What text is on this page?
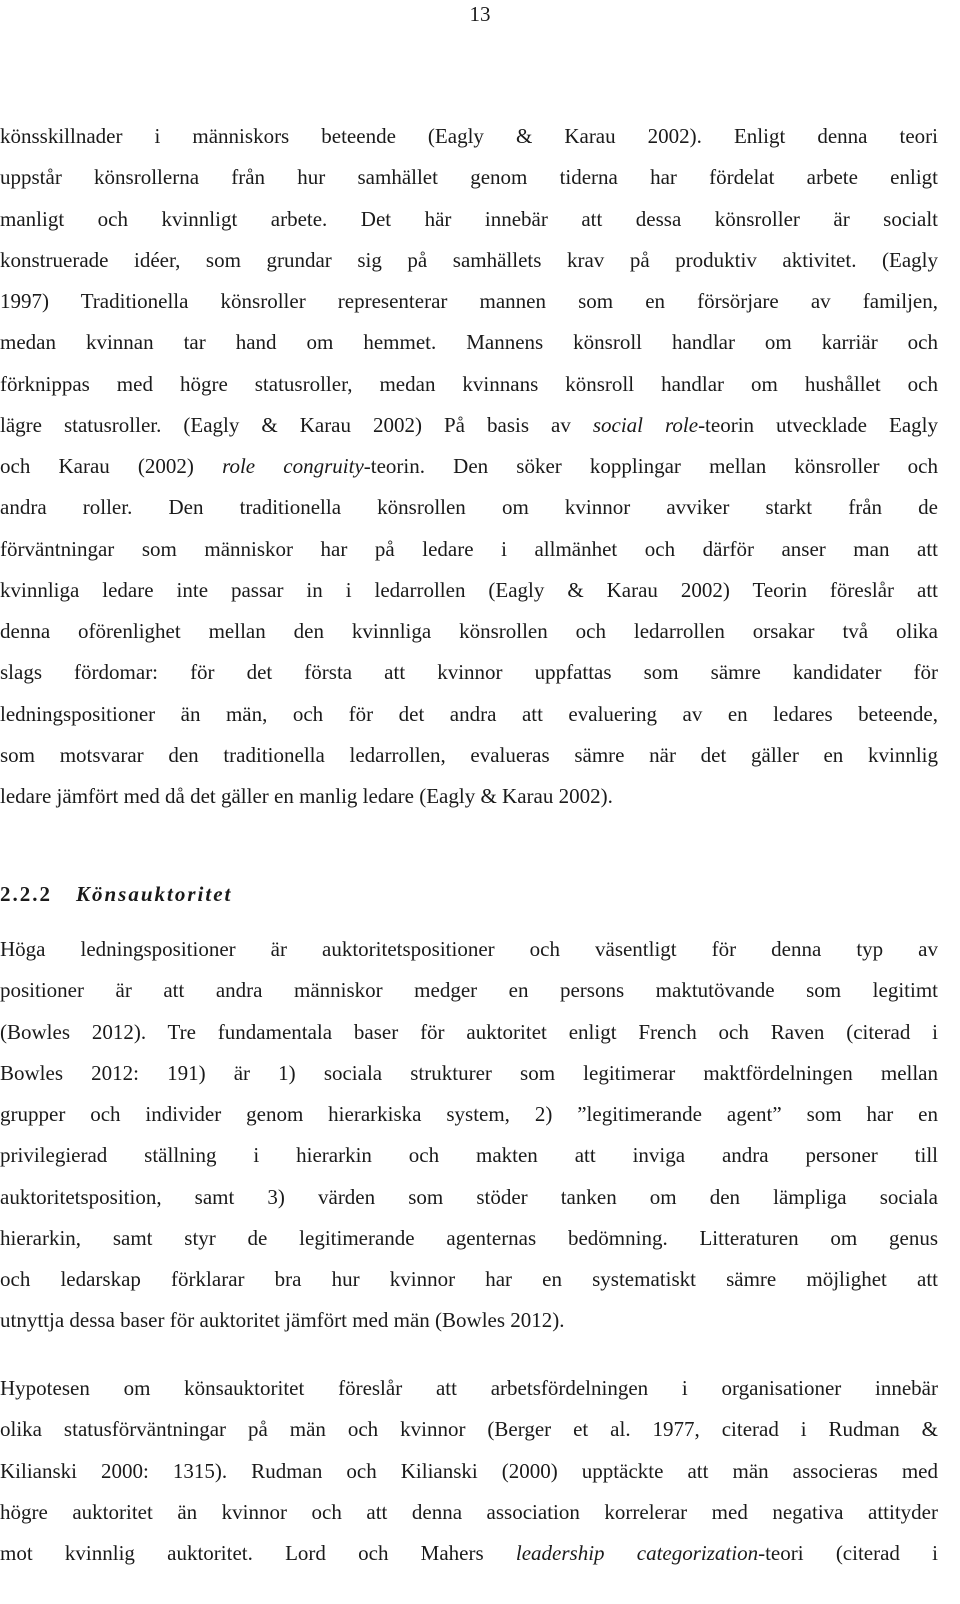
13
könsskillnader i människors beteende (Eagly & Karau 2002). Enligt denna teori
uppstår könsrollerna från hur samhället genom tiderna har fördelat arbete enligt
manligt och kvinnligt arbete. Det här innebär att dessa könsroller är socialt
konstruerade idéer, som grundar sig på samhällets krav på produktiv aktivitet. (Eagly
1997) Traditionella könsroller representerar mannen som en försörjare av familjen,
medan kvinnan tar hand om hemmet. Mannens könsroll handlar om karriär och
förknippas med högre statusroller, medan kvinnans könsroll handlar om hushållet och
lägre statusroller. (Eagly & Karau 2002) På basis av social role-teorin utvecklade Eagly
och Karau (2002) role congruity-teorin. Den söker kopplingar mellan könsroller och
andra roller. Den traditionella könsrollen om kvinnor avviker starkt från de
förväntningar som människor har på ledare i allmänhet och därför anser man att
kvinnliga ledare inte passar in i ledarrollen (Eagly & Karau 2002) Teorin föreslår att
denna oförenlighet mellan den kvinnliga könsrollen och ledarrollen orsakar två olika
slags fördomar: för det första att kvinnor uppfattas som sämre kandidater för
ledningspositioner än män, och för det andra att evaluering av en ledares beteende,
som motsvarar den traditionella ledarrollen, evalueras sämre när det gäller en kvinnlig
ledare jämfört med då det gäller en manlig ledare (Eagly & Karau 2002).
2.2.2 Könsauktoritet
Höga ledningspositioner är auktoritetspositioner och väsentligt för denna typ av
positioner är att andra människor medger en persons maktutövande som legitimt
(Bowles 2012). Tre fundamentala baser för auktoritet enligt French och Raven (citerad i
Bowles 2012: 191) är 1) sociala strukturer som legitimerar maktfördelningen mellan
grupper och individer genom hierarkiska system, 2) ”legitimerande agent” som har en
privilegierad ställning i hierarkin och makten att inviga andra personer till
auktoritetsposition, samt 3) värden som stöder tanken om den lämpliga sociala
hierarkin, samt styr de legitimerande agenternas bedömning. Litteraturen om genus
och ledarskap förklarar bra hur kvinnor har en systematiskt sämre möjlighet att
utnyttja dessa baser för auktoritet jämfört med män (Bowles 2012).
Hypotesen om könsauktoritet föreslår att arbetsfördelningen i organisationer innebär
olika statusförväntningar på män och kvinnor (Berger et al. 1977, citerad i Rudman &
Kilianski 2000: 1315). Rudman och Kilianski (2000) upptäckte att män associeras med
högre auktoritet än kvinnor och att denna association korrelerar med negativa attityder
mot kvinnlig auktoritet. Lord och Mahers leadership categorization-teori (citerad i
